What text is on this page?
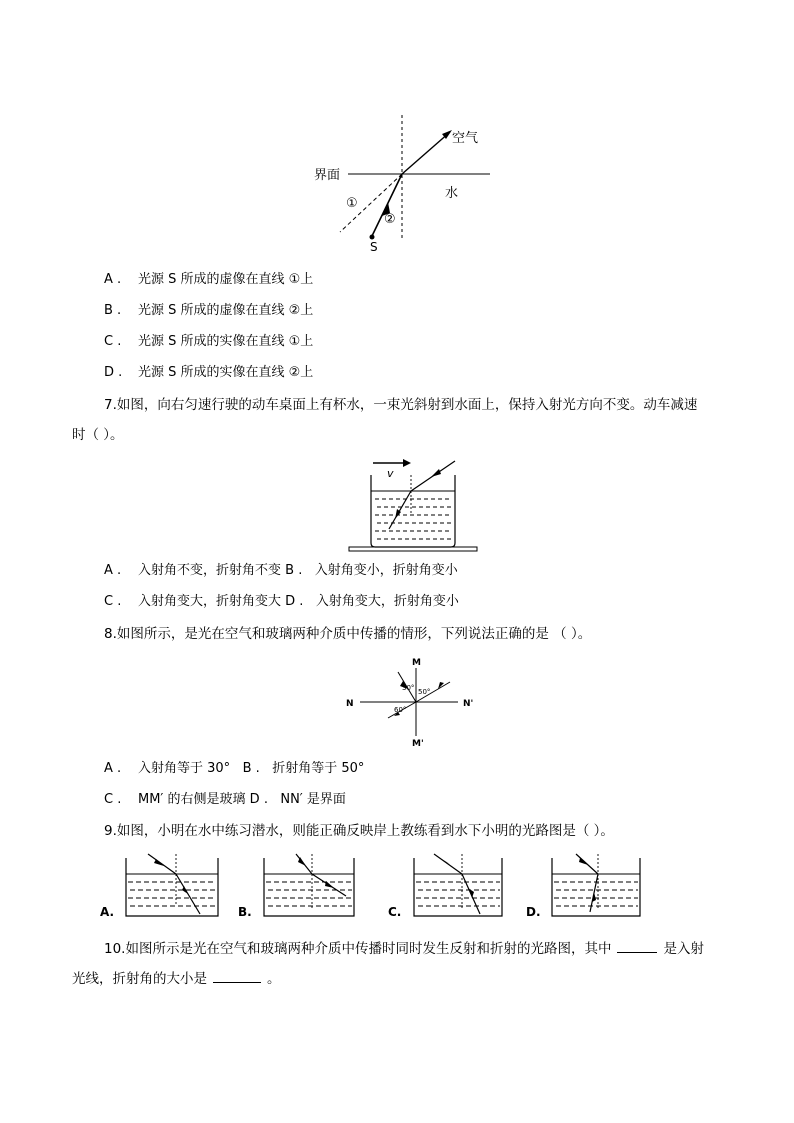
空气
界面
水
①
②
S
A . 光源 S 所成的虚像在直线 ①上
B . 光源 S 所成的虚像在直线 ②上
C . 光源 S 所成的实像在直线 ①上
D . 光源 S 所成的实像在直线 ②上
7.如图，向右匀速行驶的动车桌面上有杯水，一束光斜射到水面上，保持入射光方向不变。动车减速
时（ ）。
v
A . 入射角不变，折射角不变 B .   入射角变小，折射角变小
C . 入射角变大，折射角变大 D .   入射角变大，折射角变小
8.如图所示，是光在空气和玻璃两种介质中传播的情形，下列说法正确的是 （ ）。
M
M'
N	N'
30° 50°
60°
A . 入射角等于 30° B .   折射角等于 50°
C . MM′ 的右侧是玻璃 D .   NN′ 是界面
9.如图，小明在水中练习潜水，则能正确反映岸上教练看到水下小明的光路图是（ ）。
A.	B.	C.	D.
10.如图所示是光在空气和玻璃两种介质中传播时同时发生反射和折射的光路图，其中	是入射
光线，折射角的大小是	。
